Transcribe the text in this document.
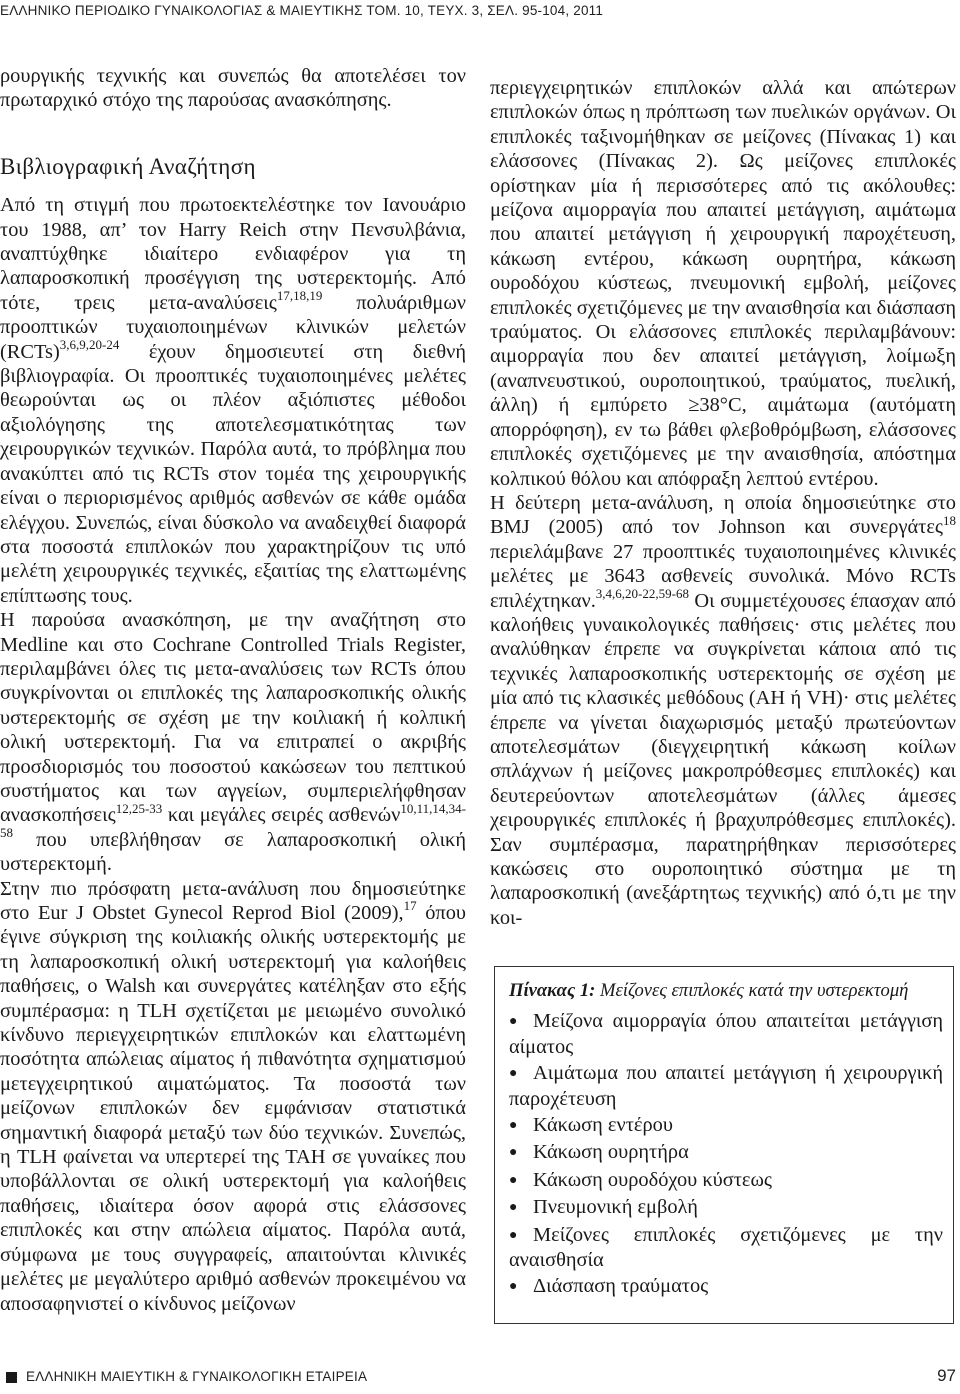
ΕΛΛΗΝΙΚΟ ΠΕΡΙΟΔΙΚΟ ΓΥΝΑΙΚΟΛΟΓΙΑΣ & ΜΑΙΕΥΤΙΚΗΣ ΤΟΜ. 10, ΤΕΥΧ. 3, ΣΕΛ. 95-104, 2011

ρουργικής τεχνικής και συνεπώς θα αποτελέσει τον πρωταρχικό στόχο της παρούσας ανασκόπησης.

Βιβλιογραφική Αναζήτηση

Από τη στιγμή που πρωτοεκτελέστηκε τον Ιανουάριο του 1988, απ’ τον Harry Reich στην Πενσυλβάνια, αναπτύχθηκε ιδιαίτερο ενδιαφέρον για τη λαπαροσκοπική προσέγγιση της υστερεκτομής. Από τότε, τρεις μετα-αναλύσεις$^{17,18,19}$ πολυάριθμων προοπτικών τυχαιοποιημένων κλινικών μελετών (RCTs)$^{3,6,9,20-24}$ έχουν δημοσιευτεί στη διεθνή βιβλιογραφία. Οι προοπτικές τυχαιοποιημένες μελέτες θεωρούνται ως οι πλέον αξιόπιστες μέθοδοι αξιολόγησης της αποτελεσματικότητας των χειρουργικών τεχνικών. Παρόλα αυτά, το πρόβλημα που ανακύπτει από τις RCTs στον τομέα της χειρουργικής είναι ο περιορισμένος αριθμός ασθενών σε κάθε ομάδα ελέγχου. Συνεπώς, είναι δύσκολο να αναδειχθεί διαφορά στα ποσοστά επιπλοκών που χαρακτηρίζουν τις υπό μελέτη χειρουργικές τεχνικές, εξαιτίας της ελαττωμένης επίπτωσης τους.

Η παρούσα ανασκόπηση, με την αναζήτηση στο Medline και στο Cochrane Controlled Trials Register, περιλαμβάνει όλες τις μετα-αναλύσεις των RCTs όπου συγκρίνονται οι επιπλοκές της λαπαροσκοπικής ολικής υστερεκτομής σε σχέση με την κοιλιακή ή κολπική ολική υστερεκτομή. Για να επιτραπεί ο ακριβής προσδιορισμός του ποσοστού κακώσεων του πεπτικού συστήματος και των αγγείων, συμπεριελήφθησαν ανασκοπήσεις$^{12,25-33}$ και μεγάλες σειρές ασθενών$^{10,11,14,34-58}$ που υπεβλήθησαν σε λαπαροσκοπική ολική υστερεκτομή.

Στην πιο πρόσφατη μετα-ανάλυση που δημοσιεύτηκε στο Eur J Obstet Gynecol Reprod Biol (2009),$^{17}$ όπου έγινε σύγκριση της κοιλιακής ολικής υστερεκτομής με τη λαπαροσκοπική ολική υστερεκτομή για καλοήθεις παθήσεις, ο Walsh και συνεργάτες κατέληξαν στο εξής συμπέρασμα: η TLH σχετίζεται με μειωμένο συνολικό κίνδυνο περιεγχειρητικών επιπλοκών και ελαττωμένη ποσότητα απώλειας αίματος ή πιθανότητα σχηματισμού μετεγχειρητικού αιματώματος. Τα ποσοστά των μείζονων επιπλοκών δεν εμφάνισαν στατιστικά σημαντική διαφορά μεταξύ των δύο τεχνικών. Συνεπώς, η TLH φαίνεται να υπερτερεί της TAH σε γυναίκες που υποβάλλονται σε ολική υστερεκτομή για καλοήθεις παθήσεις, ιδιαίτερα όσον αφορά στις ελάσσονες επιπλοκές και στην απώλεια αίματος. Παρόλα αυτά, σύμφωνα με τους συγγραφείς, απαιτούνται κλινικές μελέτες με μεγαλύτερο αριθμό ασθενών προκειμένου να αποσαφηνιστεί ο κίνδυνος μείζονων

περιεγχειρητικών επιπλοκών αλλά και απώτερων επιπλοκών όπως η πρόπτωση των πυελικών οργάνων. Οι επιπλοκές ταξινομήθηκαν σε μείζονες (Πίνακας 1) και ελάσσονες (Πίνακας 2). Ως μείζονες επιπλοκές ορίστηκαν μία ή περισσότερες από τις ακόλουθες: μείζονα αιμορραγία που απαιτεί μετάγγιση, αιμάτωμα που απαιτεί μετάγγιση ή χειρουργική παροχέτευση, κάκωση εντέρου, κάκωση ουρητήρα, κάκωση ουροδόχου κύστεως, πνευμονική εμβολή, μείζονες επιπλοκές σχετιζόμενες με την αναισθησία και διάσπαση τραύματος. Οι ελάσσονες επιπλοκές περιλαμβάνουν: αιμορραγία που δεν απαιτεί μετάγγιση, λοίμωξη (αναπνευστικού, ουροποιητικού, τραύματος, πυελική, άλλη) ή εμπύρετο ≥38°C, αιμάτωμα (αυτόματη απορρόφηση), εν τω βάθει φλεβοθρόμβωση, ελάσσονες επιπλοκές σχετιζόμενες με την αναισθησία, απόστημα κολπικού θόλου και απόφραξη λεπτού εντέρου.

Η δεύτερη μετα-ανάλυση, η οποία δημοσιεύτηκε στο BMJ (2005) από τον Johnson και συνεργάτες$^{18}$ περιελάμβανε 27 προοπτικές τυχαιοποιημένες κλινικές μελέτες με 3643 ασθενείς συνολικά. Μόνο RCTs επιλέχτηκαν.$^{3,4,6,20-22,59-68}$ Οι συμμετέχουσες έπασχαν από καλοήθεις γυναικολογικές παθήσεις· στις μελέτες που αναλύθηκαν έπρεπε να συγκρίνεται κάποια από τις τεχνικές λαπαροσκοπικής υστερεκτομής σε σχέση με μία από τις κλασικές μεθόδους (AH ή VH)· στις μελέτες έπρεπε να γίνεται διαχωρισμός μεταξύ πρωτεύοντων αποτελεσμάτων (διεγχειρητική κάκωση κοίλων σπλάχνων ή μείζονες μακροπρόθεσμες επιπλοκές) και δευτερεύοντων αποτελεσμάτων (άλλες άμεσες χειρουργικές επιπλοκές ή βραχυπρόθεσμες επιπλοκές). Σαν συμπέρασμα, παρατηρήθηκαν περισσότερες κακώσεις στο ουροποιητικό σύστημα με τη λαπαροσκοπική (ανεξάρτητως τεχνικής) από ό,τι με την κοι-

Πίνακας 1: Μείζονες επιπλοκές κατά την υστερεκτομή
● Μείζονα αιμορραγία όπου απαιτείται μετάγγιση αίματος
● Αιμάτωμα που απαιτεί μετάγγιση ή χειρουργική παροχέτευση
● Κάκωση εντέρου
● Κάκωση ουρητήρα
● Κάκωση ουροδόχου κύστεως
● Πνευμονική εμβολή
● Μείζονες επιπλοκές σχετιζόμενες με την αναισθησία
● Διάσπαση τραύματος
ΕΛΛΗΝΙΚΗ ΜΑΙΕΥΤΙΚΗ & ΓΥΝΑΙΚΟΛΟΓΙΚΗ ΕΤΑΙΡΕΙΑ	97
